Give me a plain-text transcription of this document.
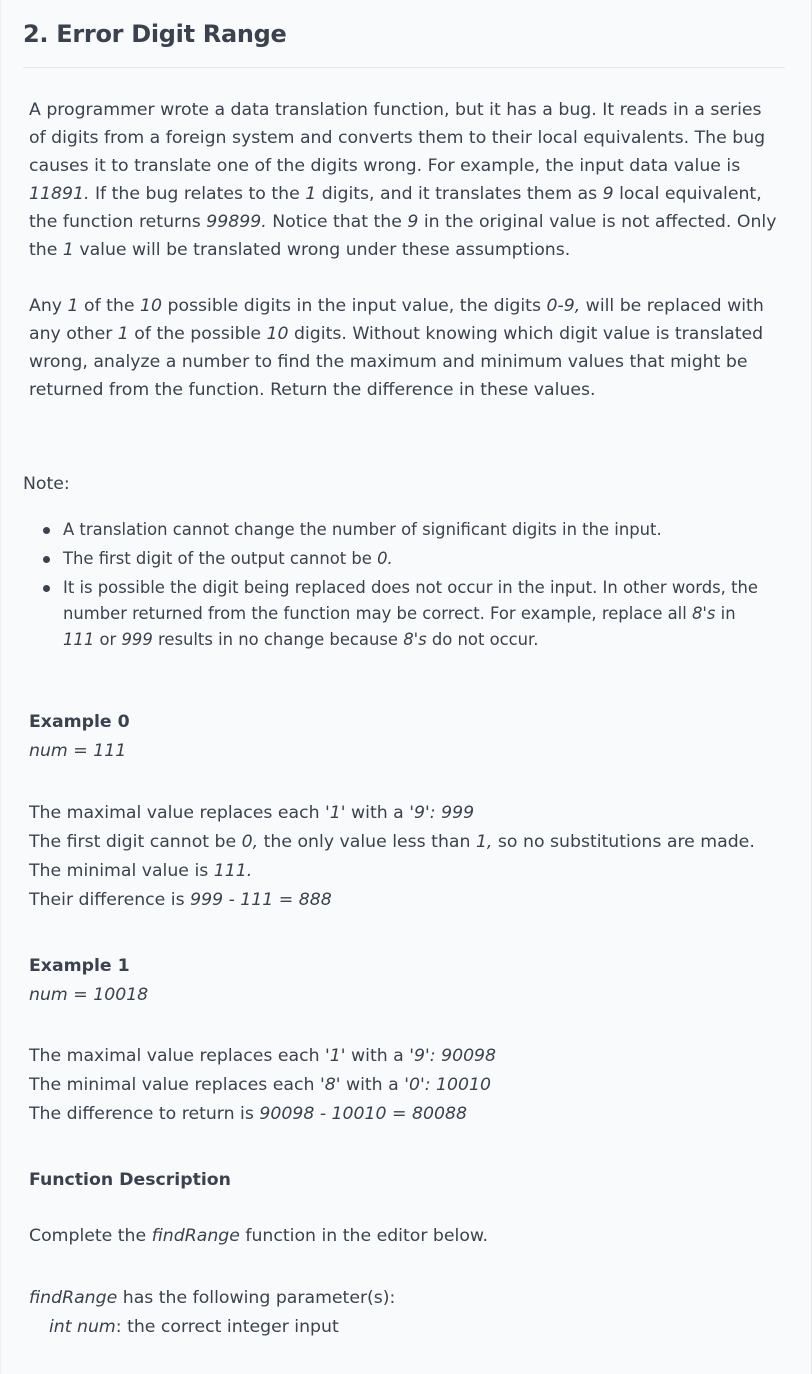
2. Error Digit Range

A programmer wrote a data translation function, but it has a bug. It reads in a series of digits from a foreign system and converts them to their local equivalents. The bug causes it to translate one of the digits wrong. For example, the input data value is 11891. If the bug relates to the 1 digits, and it translates them as 9 local equivalent, the function returns 99899. Notice that the 9 in the original value is not affected. Only the 1 value will be translated wrong under these assumptions.

Any 1 of the 10 possible digits in the input value, the digits 0-9, will be replaced with any other 1 of the possible 10 digits. Without knowing which digit value is translated wrong, analyze a number to find the maximum and minimum values that might be returned from the function. Return the difference in these values.

Note:

A translation cannot change the number of significant digits in the input.
The first digit of the output cannot be 0.
It is possible the digit being replaced does not occur in the input. In other words, the number returned from the function may be correct. For example, replace all 8's in 111 or 999 results in no change because 8's do not occur.

Example 0

num = 111

The maximal value replaces each '1' with a '9': 999

The first digit cannot be 0, the only value less than 1, so no substitutions are made. The minimal value is 111.

Their difference is 999 - 111 = 888

Example 1

num = 10018

The maximal value replaces each '1' with a '9': 90098

The minimal value replaces each '8' with a '0': 10010

The difference to return is 90098 - 10010 = 80088

Function Description

Complete the findRange function in the editor below.

findRange has the following parameter(s):

int num: the correct integer input
